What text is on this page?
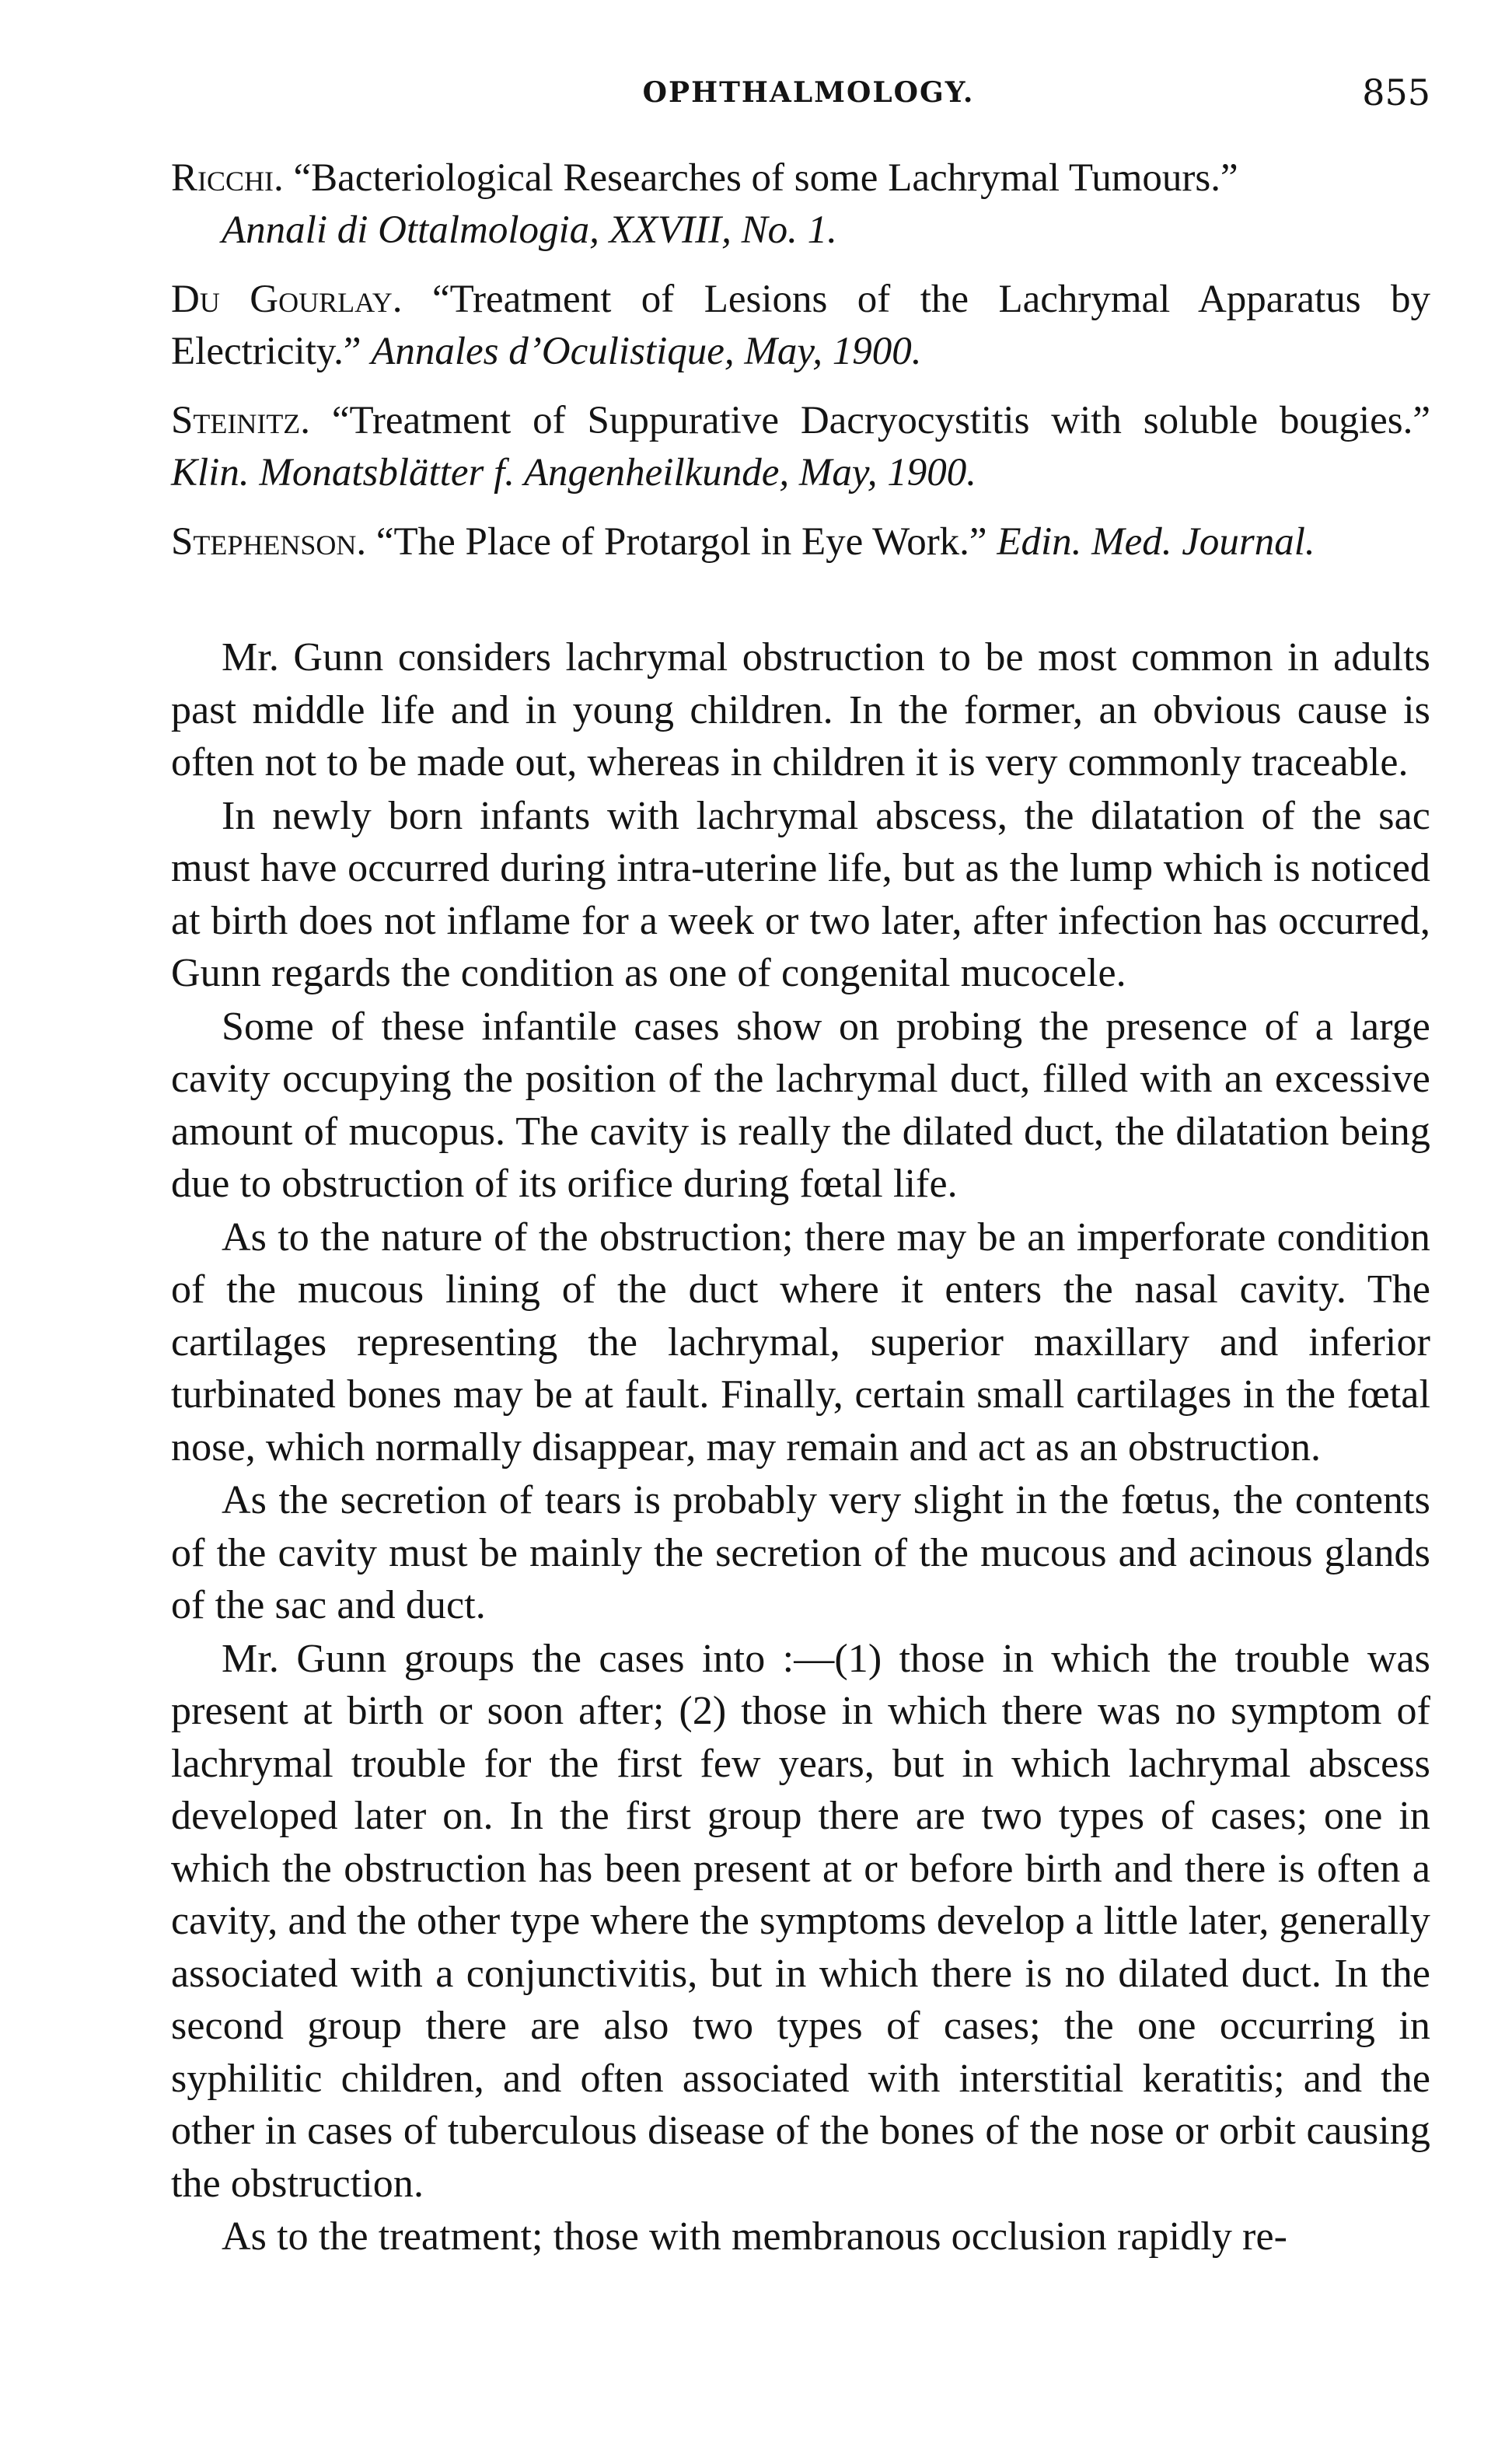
OPHTHALMOLOGY.	855
Ricchi. “Bacteriological Researches of some Lachrymal Tumours.”
Annali di Ottalmologia, XXVIII, No. 1.
Du Gourlay. “Treatment of Lesions of the Lachrymal Apparatus by Electricity.” Annales d’Oculistique, May, 1900.
Steinitz. “Treatment of Suppurative Dacryocystitis with soluble bougies.” Klin. Monatsblätter f. Angenheilkunde, May, 1900.
Stephenson. “The Place of Protargol in Eye Work.” Edin. Med. Journal.

Mr. Gunn considers lachrymal obstruction to be most common in adults past middle life and in young children. In the former, an obvious cause is often not to be made out, whereas in children it is very commonly traceable.

In newly born infants with lachrymal abscess, the dilatation of the sac must have occurred during intra-uterine life, but as the lump which is noticed at birth does not inflame for a week or two later, after infection has occurred, Gunn regards the condition as one of congenital mucocele.

Some of these infantile cases show on probing the presence of a large cavity occupying the position of the lachrymal duct, filled with an excessive amount of mucopus. The cavity is really the dilated duct, the dilatation being due to obstruction of its orifice during fœtal life.

As to the nature of the obstruction; there may be an imperforate condition of the mucous lining of the duct where it enters the nasal cavity. The cartilages representing the lachrymal, superior maxillary and inferior turbinated bones may be at fault. Finally, certain small cartilages in the fœtal nose, which normally disappear, may remain and act as an obstruction.

As the secretion of tears is probably very slight in the fœtus, the contents of the cavity must be mainly the secretion of the mucous and acinous glands of the sac and duct.

Mr. Gunn groups the cases into :—(1) those in which the trouble was present at birth or soon after; (2) those in which there was no symptom of lachrymal trouble for the first few years, but in which lachrymal abscess developed later on. In the first group there are two types of cases; one in which the obstruction has been present at or before birth and there is often a cavity, and the other type where the symptoms develop a little later, generally associated with a conjunctivitis, but in which there is no dilated duct. In the second group there are also two types of cases; the one occurring in syphilitic children, and often associated with interstitial keratitis; and the other in cases of tuberculous disease of the bones of the nose or orbit causing the obstruction.

As to the treatment; those with membranous occlusion rapidly re-
